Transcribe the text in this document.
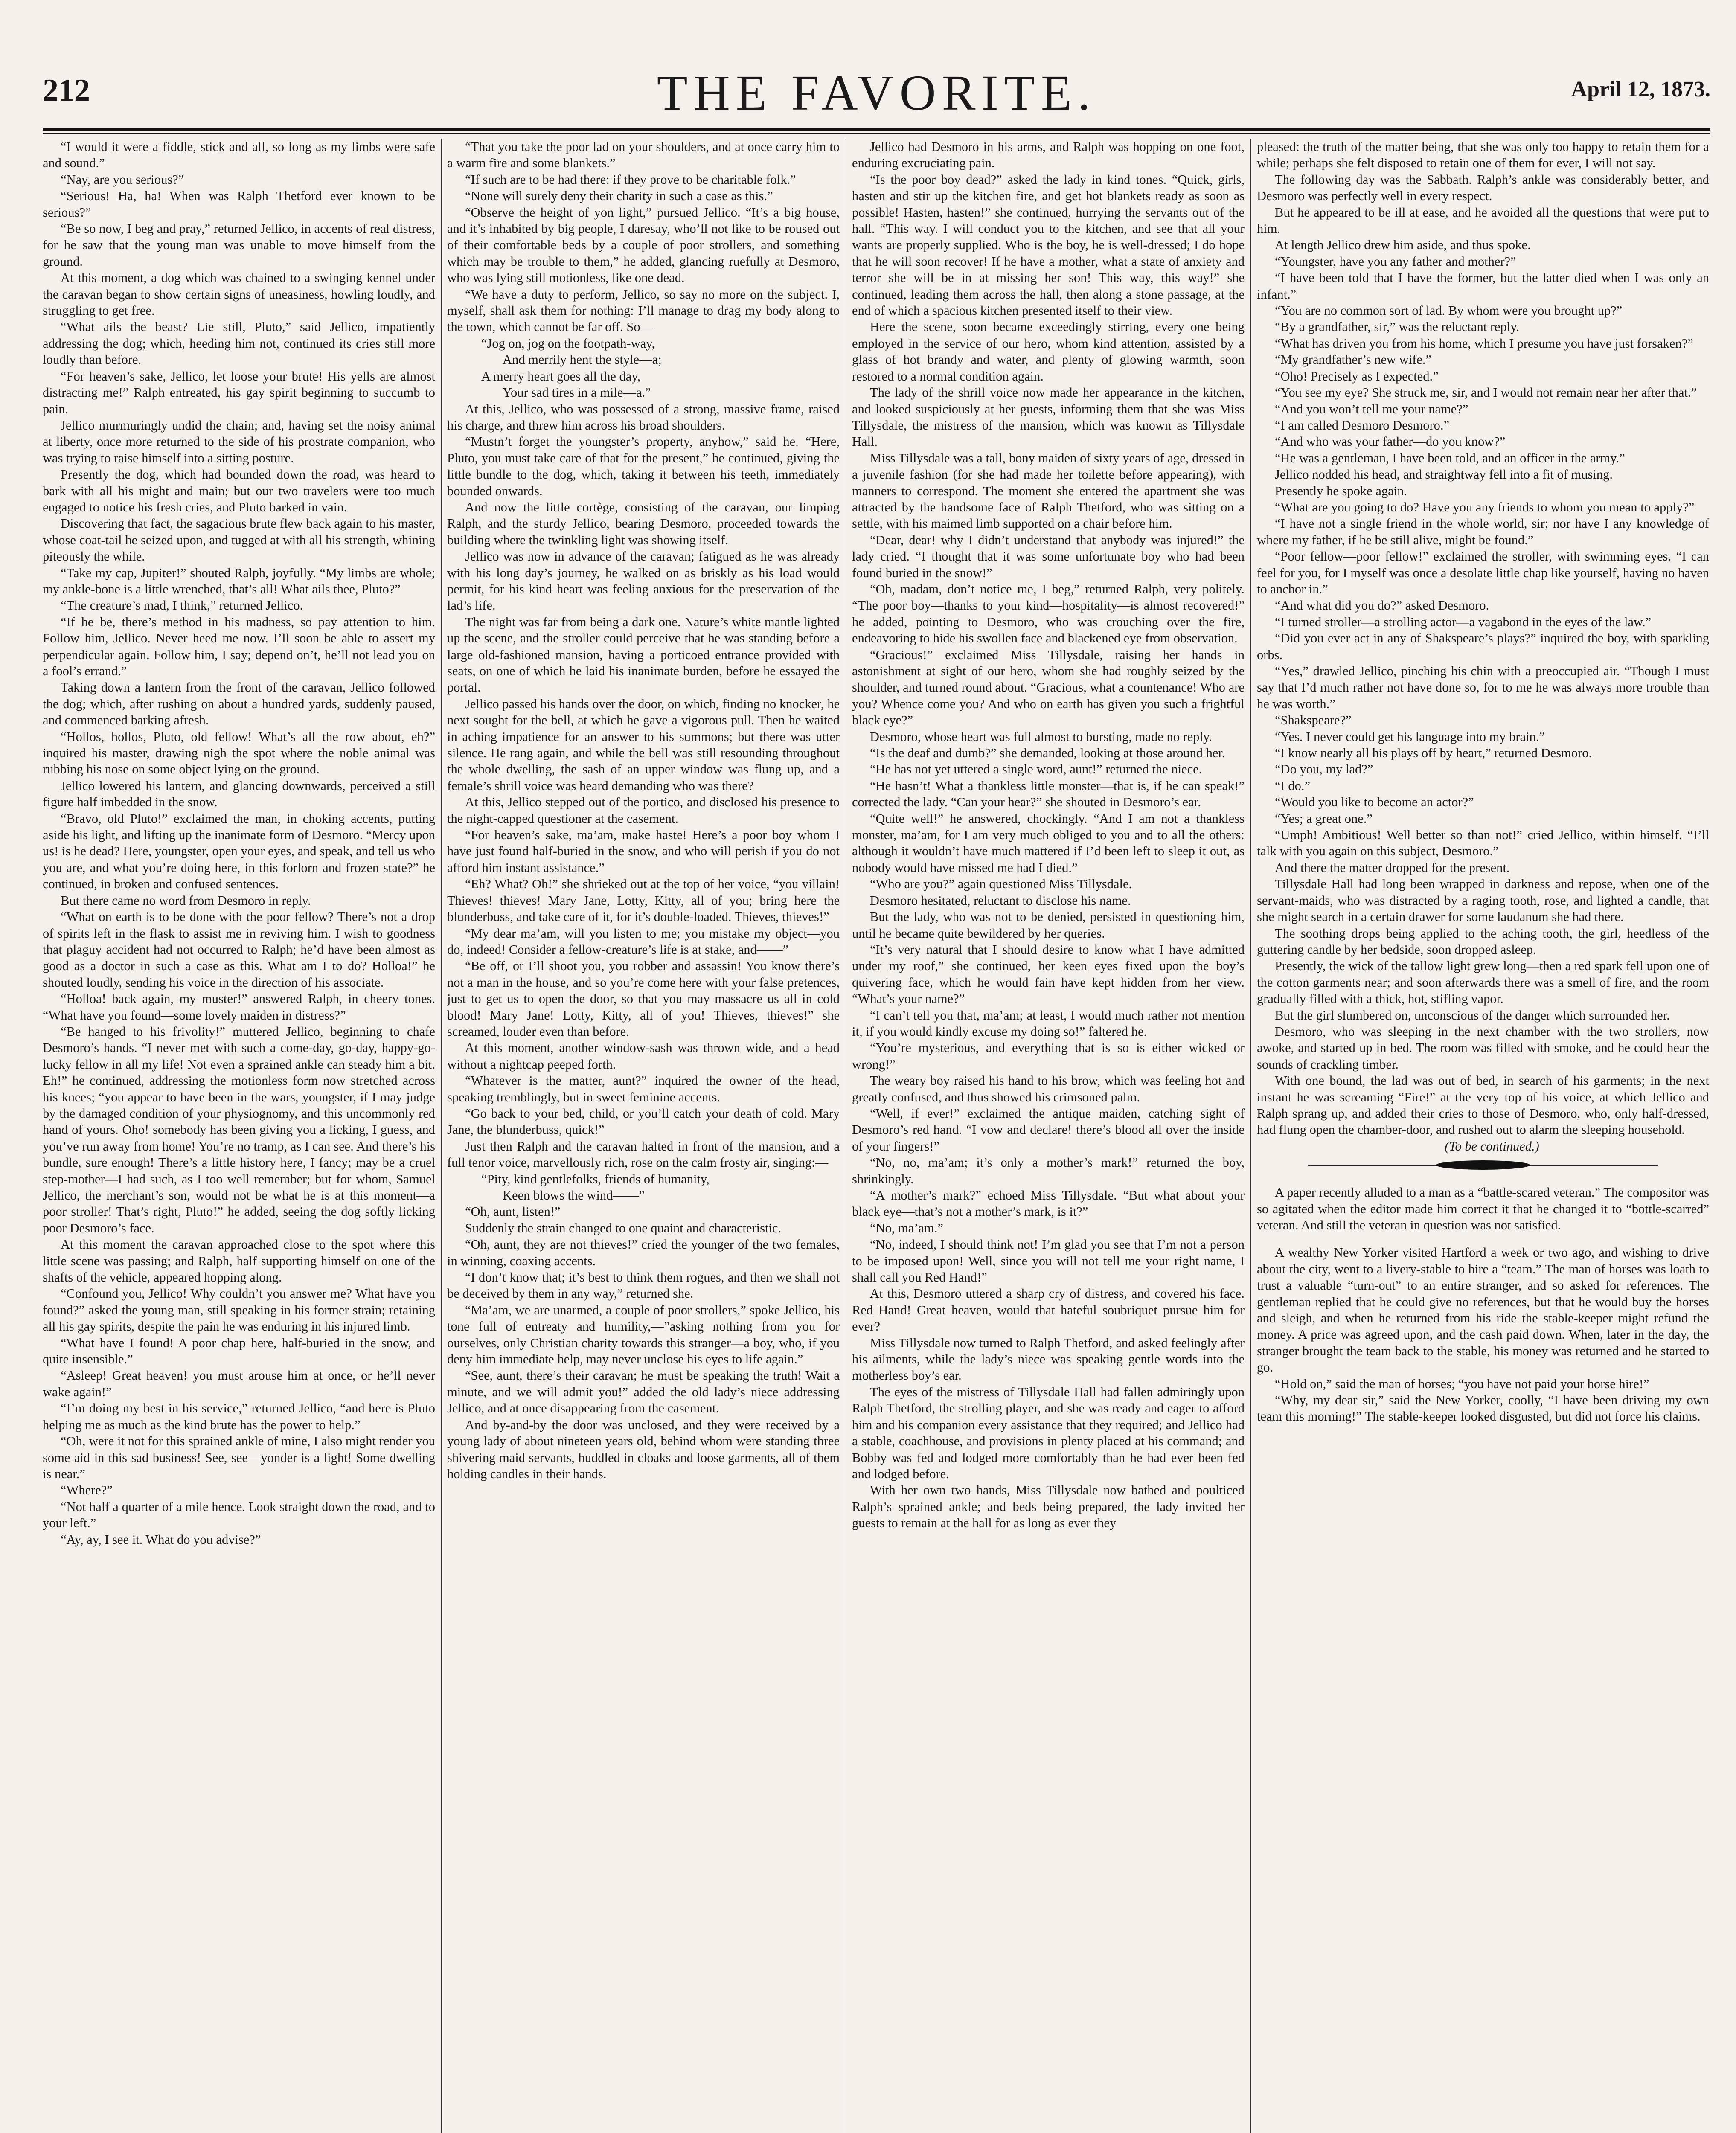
212	THE FAVORITE.	April 12, 1873.

“I would it were a fiddle, stick and all, so long as my limbs were safe and sound.”

“Nay, are you serious?”

“Serious! Ha, ha! When was Ralph Thetford ever known to be serious?”

“Be so now, I beg and pray,” returned Jellico, in accents of real distress, for he saw that the young man was unable to move himself from the ground.

At this moment, a dog which was chained to a swinging kennel under the caravan began to show certain signs of uneasiness, howling loudly, and struggling to get free.

“What ails the beast? Lie still, Pluto,” said Jellico, impatiently addressing the dog; which, heeding him not, continued its cries still more loudly than before.

“For heaven’s sake, Jellico, let loose your brute! His yells are almost distracting me!” Ralph entreated, his gay spirit beginning to succumb to pain.

Jellico murmuringly undid the chain; and, having set the noisy animal at liberty, once more returned to the side of his prostrate companion, who was trying to raise himself into a sitting posture.

Presently the dog, which had bounded down the road, was heard to bark with all his might and main; but our two travelers were too much engaged to notice his fresh cries, and Pluto barked in vain.

Discovering that fact, the sagacious brute flew back again to his master, whose coat-tail he seized upon, and tugged at with all his strength, whining piteously the while.

“Take my cap, Jupiter!” shouted Ralph, joyfully. “My limbs are whole; my ankle-bone is a little wrenched, that’s all! What ails thee, Pluto?”

“The creature’s mad, I think,” returned Jellico.

“If he be, there’s method in his madness, so pay attention to him. Follow him, Jellico. Never heed me now. I’ll soon be able to assert my perpendicular again. Follow him, I say; depend on’t, he’ll not lead you on a fool’s errand.”

Taking down a lantern from the front of the caravan, Jellico followed the dog; which, after rushing on about a hundred yards, suddenly paused, and commenced barking afresh.

“Hollos, hollos, Pluto, old fellow! What’s all the row about, eh?” inquired his master, drawing nigh the spot where the noble animal was rubbing his nose on some object lying on the ground.

Jellico lowered his lantern, and glancing downwards, perceived a still figure half imbedded in the snow.

“Bravo, old Pluto!” exclaimed the man, in choking accents, putting aside his light, and lifting up the inanimate form of Desmoro. “Mercy upon us! is he dead? Here, youngster, open your eyes, and speak, and tell us who you are, and what you’re doing here, in this forlorn and frozen state?” he continued, in broken and confused sentences.

But there came no word from Desmoro in reply.

“What on earth is to be done with the poor fellow? There’s not a drop of spirits left in the flask to assist me in reviving him. I wish to goodness that plaguy accident had not occurred to Ralph; he’d have been almost as good as a doctor in such a case as this. What am I to do? Holloa!” he shouted loudly, sending his voice in the direction of his associate.

“Holloa! back again, my muster!” answered Ralph, in cheery tones. “What have you found—some lovely maiden in distress?”

“Be hanged to his frivolity!” muttered Jellico, beginning to chafe Desmoro’s hands. “I never met with such a come-day, go-day, happy-go-lucky fellow in all my life! Not even a sprained ankle can steady him a bit. Eh!” he continued, addressing the motionless form now stretched across his knees; “you appear to have been in the wars, youngster, if I may judge by the damaged condition of your physiognomy, and this uncommonly red hand of yours. Oho! somebody has been giving you a licking, I guess, and you’ve run away from home! You’re no tramp, as I can see. And there’s his bundle, sure enough! There’s a little history here, I fancy; may be a cruel step-mother—I had such, as I too well remember; but for whom, Samuel Jellico, the merchant’s son, would not be what he is at this moment—a poor stroller! That’s right, Pluto!” he added, seeing the dog softly licking poor Desmoro’s face.

At this moment the caravan approached close to the spot where this little scene was passing; and Ralph, half supporting himself on one of the shafts of the vehicle, appeared hopping along.

“Confound you, Jellico! Why couldn’t you answer me? What have you found?” asked the young man, still speaking in his former strain; retaining all his gay spirits, despite the pain he was enduring in his injured limb.

“What have I found! A poor chap here, half-buried in the snow, and quite insensible.”

“Asleep! Great heaven! you must arouse him at once, or he’ll never wake again!”

“I’m doing my best in his service,” returned Jellico, “and here is Pluto helping me as much as the kind brute has the power to help.”

“Oh, were it not for this sprained ankle of mine, I also might render you some aid in this sad business! See, see—yonder is a light! Some dwelling is near.”

“Where?”

“Not half a quarter of a mile hence. Look straight down the road, and to your left.”

“Ay, ay, I see it. What do you advise?”

“That you take the poor lad on your shoulders, and at once carry him to a warm fire and some blankets.”

“If such are to be had there: if they prove to be charitable folk.”

“None will surely deny their charity in such a case as this.”

“Observe the height of yon light,” pursued Jellico. “It’s a big house, and it’s inhabited by big people, I daresay, who’ll not like to be roused out of their comfortable beds by a couple of poor strollers, and something which may be trouble to them,” he added, glancing ruefully at Desmoro, who was lying still motionless, like one dead.

“We have a duty to perform, Jellico, so say no more on the subject. I, myself, shall ask them for nothing: I’ll manage to drag my body along to the town, which cannot be far off. So—

“Jog on, jog on the footpath-way,

And merrily hent the style—a;

A merry heart goes all the day,

Your sad tires in a mile—a.”

At this, Jellico, who was possessed of a strong, massive frame, raised his charge, and threw him across his broad shoulders.

“Mustn’t forget the youngster’s property, anyhow,” said he. “Here, Pluto, you must take care of that for the present,” he continued, giving the little bundle to the dog, which, taking it between his teeth, immediately bounded onwards.

And now the little cortège, consisting of the caravan, our limping Ralph, and the sturdy Jellico, bearing Desmoro, proceeded towards the building where the twinkling light was showing itself.

Jellico was now in advance of the caravan; fatigued as he was already with his long day’s journey, he walked on as briskly as his load would permit, for his kind heart was feeling anxious for the preservation of the lad’s life.

The night was far from being a dark one. Nature’s white mantle lighted up the scene, and the stroller could perceive that he was standing before a large old-fashioned mansion, having a porticoed entrance provided with seats, on one of which he laid his inanimate burden, before he essayed the portal.

Jellico passed his hands over the door, on which, finding no knocker, he next sought for the bell, at which he gave a vigorous pull. Then he waited in aching impatience for an answer to his summons; but there was utter silence. He rang again, and while the bell was still resounding throughout the whole dwelling, the sash of an upper window was flung up, and a female’s shrill voice was heard demanding who was there?

At this, Jellico stepped out of the portico, and disclosed his presence to the night-capped questioner at the casement.

“For heaven’s sake, ma’am, make haste! Here’s a poor boy whom I have just found half-buried in the snow, and who will perish if you do not afford him instant assistance.”

“Eh? What? Oh!” she shrieked out at the top of her voice, “you villain! Thieves! thieves! Mary Jane, Lotty, Kitty, all of you; bring here the blunderbuss, and take care of it, for it’s double-loaded. Thieves, thieves!”

“My dear ma’am, will you listen to me; you mistake my object—you do, indeed! Consider a fellow-creature’s life is at stake, and——”

“Be off, or I’ll shoot you, you robber and assassin! You know there’s not a man in the house, and so you’re come here with your false pretences, just to get us to open the door, so that you may massacre us all in cold blood! Mary Jane! Lotty, Kitty, all of you! Thieves, thieves!” she screamed, louder even than before.

At this moment, another window-sash was thrown wide, and a head without a nightcap peeped forth.

“Whatever is the matter, aunt?” inquired the owner of the head, speaking tremblingly, but in sweet feminine accents.

“Go back to your bed, child, or you’ll catch your death of cold. Mary Jane, the blunderbuss, quick!”

Just then Ralph and the caravan halted in front of the mansion, and a full tenor voice, marvellously rich, rose on the calm frosty air, singing:—

“Pity, kind gentlefolks, friends of humanity,

Keen blows the wind——”

“Oh, aunt, listen!”

Suddenly the strain changed to one quaint and characteristic.

“Oh, aunt, they are not thieves!” cried the younger of the two females, in winning, coaxing accents.

“I don’t know that; it’s best to think them rogues, and then we shall not be deceived by them in any way,” returned she.

“Ma’am, we are unarmed, a couple of poor strollers,” spoke Jellico, his tone full of entreaty and humility,—”asking nothing from you for ourselves, only Christian charity towards this stranger—a boy, who, if you deny him immediate help, may never unclose his eyes to life again.”

“See, aunt, there’s their caravan; he must be speaking the truth! Wait a minute, and we will admit you!” added the old lady’s niece addressing Jellico, and at once disappearing from the casement.

And by-and-by the door was unclosed, and they were received by a young lady of about nineteen years old, behind whom were standing three shivering maid servants, huddled in cloaks and loose garments, all of them holding candles in their hands.

Jellico had Desmoro in his arms, and Ralph was hopping on one foot, enduring excruciating pain.

“Is the poor boy dead?” asked the lady in kind tones. “Quick, girls, hasten and stir up the kitchen fire, and get hot blankets ready as soon as possible! Hasten, hasten!” she continued, hurrying the servants out of the hall. “This way. I will conduct you to the kitchen, and see that all your wants are properly supplied. Who is the boy, he is well-dressed; I do hope that he will soon recover! If he have a mother, what a state of anxiety and terror she will be in at missing her son! This way, this way!” she continued, leading them across the hall, then along a stone passage, at the end of which a spacious kitchen presented itself to their view.

Here the scene, soon became exceedingly stirring, every one being employed in the service of our hero, whom kind attention, assisted by a glass of hot brandy and water, and plenty of glowing warmth, soon restored to a normal condition again.

The lady of the shrill voice now made her appearance in the kitchen, and looked suspiciously at her guests, informing them that she was Miss Tillysdale, the mistress of the mansion, which was known as Tillysdale Hall.

Miss Tillysdale was a tall, bony maiden of sixty years of age, dressed in a juvenile fashion (for she had made her toilette before appearing), with manners to correspond. The moment she entered the apartment she was attracted by the handsome face of Ralph Thetford, who was sitting on a settle, with his maimed limb supported on a chair before him.

“Dear, dear! why I didn’t understand that anybody was injured!” the lady cried. “I thought that it was some unfortunate boy who had been found buried in the snow!”

“Oh, madam, don’t notice me, I beg,” returned Ralph, very politely. “The poor boy—thanks to your kind—hospitality—is almost recovered!” he added, pointing to Desmoro, who was crouching over the fire, endeavoring to hide his swollen face and blackened eye from observation.

“Gracious!” exclaimed Miss Tillysdale, raising her hands in astonishment at sight of our hero, whom she had roughly seized by the shoulder, and turned round about. “Gracious, what a countenance! Who are you? Whence come you? And who on earth has given you such a frightful black eye?”

Desmoro, whose heart was full almost to bursting, made no reply.

“Is the deaf and dumb?” she demanded, looking at those around her.

“He has not yet uttered a single word, aunt!” returned the niece.

“He hasn’t! What a thankless little monster—that is, if he can speak!” corrected the lady. “Can your hear?” she shouted in Desmoro’s ear.

“Quite well!” he answered, chockingly. “And I am not a thankless monster, ma’am, for I am very much obliged to you and to all the others: although it wouldn’t have much mattered if I’d been left to sleep it out, as nobody would have missed me had I died.”

“Who are you?” again questioned Miss Tillysdale.

Desmoro hesitated, reluctant to disclose his name.

But the lady, who was not to be denied, persisted in questioning him, until he became quite bewildered by her queries.

“It’s very natural that I should desire to know what I have admitted under my roof,” she continued, her keen eyes fixed upon the boy’s quivering face, which he would fain have kept hidden from her view. “What’s your name?”

“I can’t tell you that, ma’am; at least, I would much rather not mention it, if you would kindly excuse my doing so!” faltered he.

“You’re mysterious, and everything that is so is either wicked or wrong!”

The weary boy raised his hand to his brow, which was feeling hot and greatly confused, and thus showed his crimsoned palm.

“Well, if ever!” exclaimed the antique maiden, catching sight of Desmoro’s red hand. “I vow and declare! there’s blood all over the inside of your fingers!”

“No, no, ma’am; it’s only a mother’s mark!” returned the boy, shrinkingly.

“A mother’s mark?” echoed Miss Tillysdale. “But what about your black eye—that’s not a mother’s mark, is it?”

“No, ma’am.”

“No, indeed, I should think not! I’m glad you see that I’m not a person to be imposed upon! Well, since you will not tell me your right name, I shall call you Red Hand!”

At this, Desmoro uttered a sharp cry of distress, and covered his face. Red Hand! Great heaven, would that hateful soubriquet pursue him for ever?

Miss Tillysdale now turned to Ralph Thetford, and asked feelingly after his ailments, while the lady’s niece was speaking gentle words into the motherless boy’s ear.

The eyes of the mistress of Tillysdale Hall had fallen admiringly upon Ralph Thetford, the strolling player, and she was ready and eager to afford him and his companion every assistance that they required; and Jellico had a stable, coachhouse, and provisions in plenty placed at his command; and Bobby was fed and lodged more comfortably than he had ever been fed and lodged before.

With her own two hands, Miss Tillysdale now bathed and poulticed Ralph’s sprained ankle; and beds being prepared, the lady invited her guests to remain at the hall for as long as ever they

pleased: the truth of the matter being, that she was only too happy to retain them for a while; perhaps she felt disposed to retain one of them for ever, I will not say.

The following day was the Sabbath. Ralph’s ankle was considerably better, and Desmoro was perfectly well in every respect.

But he appeared to be ill at ease, and he avoided all the questions that were put to him.

At length Jellico drew him aside, and thus spoke.

“Youngster, have you any father and mother?”

“I have been told that I have the former, but the latter died when I was only an infant.”

“You are no common sort of lad. By whom were you brought up?”

“By a grandfather, sir,” was the reluctant reply.

“What has driven you from his home, which I presume you have just forsaken?”

“My grandfather’s new wife.”

“Oho! Precisely as I expected.”

“You see my eye? She struck me, sir, and I would not remain near her after that.”

“And you won’t tell me your name?”

“I am called Desmoro Desmoro.”

“And who was your father—do you know?”

“He was a gentleman, I have been told, and an officer in the army.”

Jellico nodded his head, and straightway fell into a fit of musing.

Presently he spoke again.

“What are you going to do? Have you any friends to whom you mean to apply?”

“I have not a single friend in the whole world, sir; nor have I any knowledge of where my father, if he be still alive, might be found.”

“Poor fellow—poor fellow!” exclaimed the stroller, with swimming eyes. “I can feel for you, for I myself was once a desolate little chap like yourself, having no haven to anchor in.”

“And what did you do?” asked Desmoro.

“I turned stroller—a strolling actor—a vagabond in the eyes of the law.”

“Did you ever act in any of Shakspeare’s plays?” inquired the boy, with sparkling orbs.

“Yes,” drawled Jellico, pinching his chin with a preoccupied air. “Though I must say that I’d much rather not have done so, for to me he was always more trouble than he was worth.”

“Shakspeare?”

“Yes. I never could get his language into my brain.”

“I know nearly all his plays off by heart,” returned Desmoro.

“Do you, my lad?”

“I do.”

“Would you like to become an actor?”

“Yes; a great one.”

“Umph! Ambitious! Well better so than not!” cried Jellico, within himself. “I’ll talk with you again on this subject, Desmoro.”

And there the matter dropped for the present.

Tillysdale Hall had long been wrapped in darkness and repose, when one of the servant-maids, who was distracted by a raging tooth, rose, and lighted a candle, that she might search in a certain drawer for some laudanum she had there.

The soothing drops being applied to the aching tooth, the girl, heedless of the guttering candle by her bedside, soon dropped asleep.

Presently, the wick of the tallow light grew long—then a red spark fell upon one of the cotton garments near; and soon afterwards there was a smell of fire, and the room gradually filled with a thick, hot, stifling vapor.

But the girl slumbered on, unconscious of the danger which surrounded her.

Desmoro, who was sleeping in the next chamber with the two strollers, now awoke, and started up in bed. The room was filled with smoke, and he could hear the sounds of crackling timber.

With one bound, the lad was out of bed, in search of his garments; in the next instant he was screaming “Fire!” at the very top of his voice, at which Jellico and Ralph sprang up, and added their cries to those of Desmoro, who, only half-dressed, had flung open the chamber-door, and rushed out to alarm the sleeping household.

(To be continued.)

A paper recently alluded to a man as a “battle-scared veteran.” The compositor was so agitated when the editor made him correct it that he changed it to “bottle-scarred” veteran. And still the veteran in question was not satisfied.

A wealthy New Yorker visited Hartford a week or two ago, and wishing to drive about the city, went to a livery-stable to hire a “team.” The man of horses was loath to trust a valuable “turn-out” to an entire stranger, and so asked for references. The gentleman replied that he could give no references, but that he would buy the horses and sleigh, and when he returned from his ride the stable-keeper might refund the money. A price was agreed upon, and the cash paid down. When, later in the day, the stranger brought the team back to the stable, his money was returned and he started to go.

“Hold on,” said the man of horses; “you have not paid your horse hire!”

“Why, my dear sir,” said the New Yorker, coolly, “I have been driving my own team this morning!” The stable-keeper looked disgusted, but did not force his claims.
